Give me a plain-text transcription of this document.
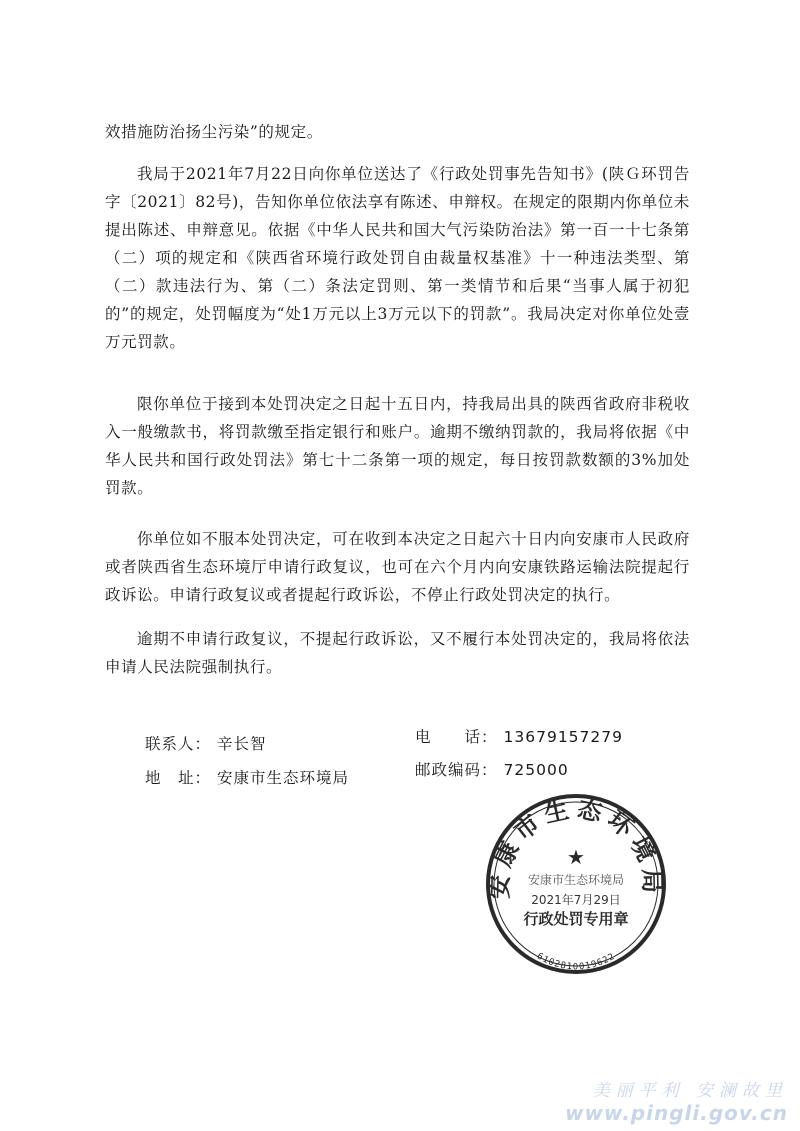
效措施防治扬尘污染”的规定。

我局于2021年7月22日向你单位送达了《行政处罚事先告知书》(陕Ｇ环罚告字〔2021〕82号)，告知你单位依法享有陈述、申辩权。在规定的限期内你单位未提出陈述、申辩意见。依据《中华人民共和国大气污染防治法》第一百一十七条第（二）项的规定和《陕西省环境行政处罚自由裁量权基准》十一种违法类型、第（二）款违法行为、第（二）条法定罚则、第一类情节和后果“当事人属于初犯的”的规定，处罚幅度为“处1万元以上3万元以下的罚款”。我局决定对你单位处壹万元罚款。

限你单位于接到本处罚决定之日起十五日内，持我局出具的陕西省政府非税收入一般缴款书，将罚款缴至指定银行和账户。逾期不缴纳罚款的，我局将依据《中华人民共和国行政处罚法》第七十二条第一项的规定，每日按罚款数额的3%加处罚款。

你单位如不服本处罚决定，可在收到本决定之日起六十日内向安康市人民政府或者陕西省生态环境厅申请行政复议，也可在六个月内向安康铁路运输法院提起行政诉讼。申请行政复议或者提起行政诉讼，不停止行政处罚决定的执行。

逾期不申请行政复议，不提起行政诉讼，又不履行本处罚决定的，我局将依法申请人民法院强制执行。

联系人： 辛长智	电　　话： 13679157279
地　址： 安康市生态环境局	邮政编码： 725000
安康市生态环境局
★
安康市生态环境局
2021年7月29日
行政处罚专用章
6102810019622
美丽平利 安澜故里
www.pingli.gov.cn
